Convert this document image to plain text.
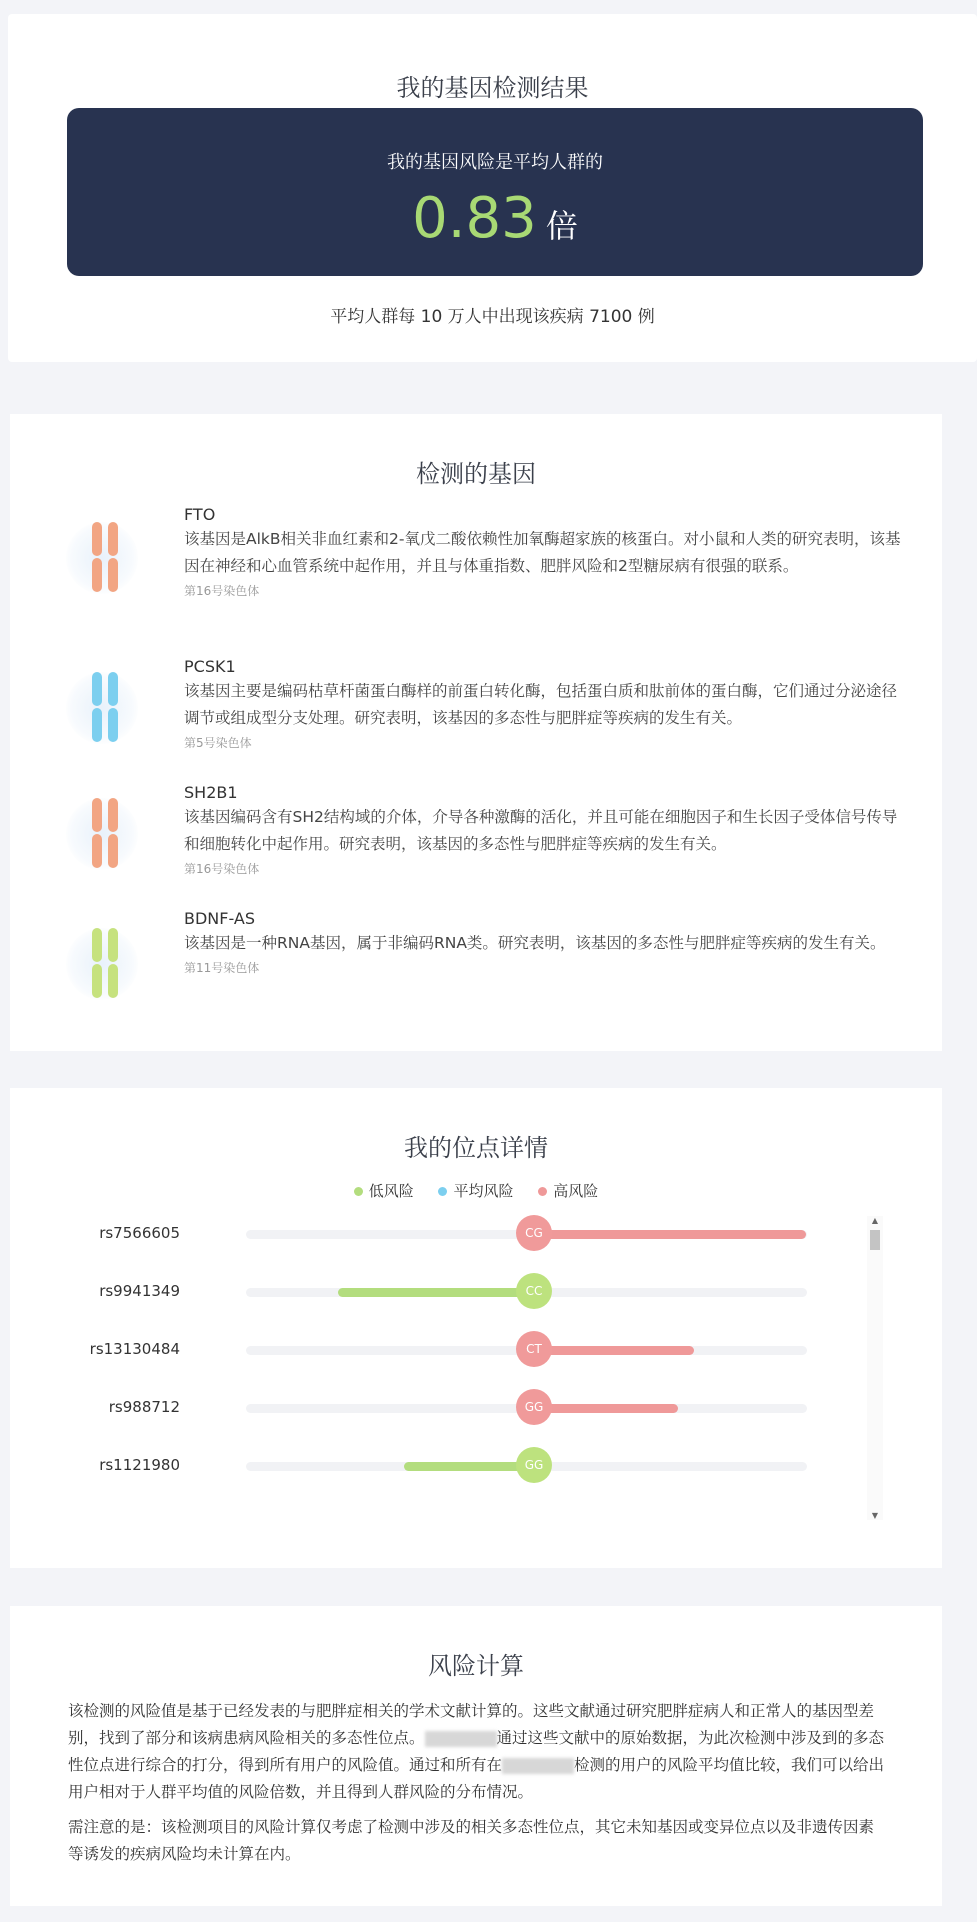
我的基因检测结果
我的基因风险是平均人群的
0.83 倍
平均人群每 10 万人中出现该疾病 7100 例
检测的基因
FTO
该基因是AlkB相关非血红素和2-氧戊二酸依赖性加氧酶超家族的核蛋白。对小鼠和人类的研究表明，该基因在神经和心血管系统中起作用，并且与体重指数、肥胖风险和2型糖尿病有很强的联系。
第16号染色体
PCSK1
该基因主要是编码枯草杆菌蛋白酶样的前蛋白转化酶，包括蛋白质和肽前体的蛋白酶，它们通过分泌途径调节或组成型分支处理。研究表明，该基因的多态性与肥胖症等疾病的发生有关。
第5号染色体
SH2B1
该基因编码含有SH2结构域的介体，介导各种激酶的活化，并且可能在细胞因子和生长因子受体信号传导和细胞转化中起作用。研究表明，该基因的多态性与肥胖症等疾病的发生有关。
第16号染色体
BDNF-AS
该基因是一种RNA基因，属于非编码RNA类。研究表明，该基因的多态性与肥胖症等疾病的发生有关。
第11号染色体
我的位点详情
低风险	平均风险	高风险
rs7566605	CG
rs9941349	CC
rs13130484	CT
rs988712	GG
rs1121980	GG
▲
▼
风险计算

该检测的风险值是基于已经发表的与肥胖症相关的学术文献计算的。这些文献通过研究肥胖症病人和正常人的基因型差别，找到了部分和该病患病风险相关的多态性位点。	通过这些文献中的原始数据，为此次检测中涉及到的多态性位点进行综合的打分，得到所有用户的风险值。通过和所有在	检测的用户的风险平均值比较，我们可以给出用户相对于人群平均值的风险倍数，并且得到人群风险的分布情况。

需注意的是：该检测项目的风险计算仅考虑了检测中涉及的相关多态性位点，其它未知基因或变异位点以及非遗传因素等诱发的疾病风险均未计算在内。
